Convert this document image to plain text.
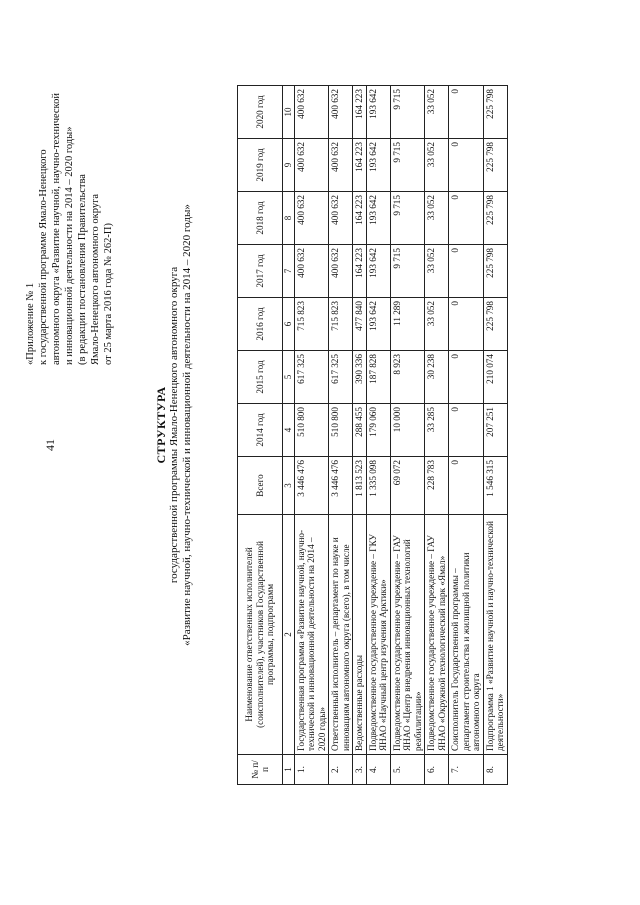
41
«Приложение № 1 к государственной программе Ямало-Ненецкого автономного округа «Развитие научной, научно-технической и инновационной деятельности на 2014 – 2020 годы» (в редакции постановления Правительства Ямало-Ненецкого автономного округа от 25 марта 2016 года № 262-П)
СТРУКТУРА государственной программы Ямало-Ненецкого автономного округа «Развитие научной, научно-технической и инновационной деятельности на 2014 – 2020 годы»
№ п/п	Наименование ответственных исполнителей (соисполнителей), участников Государственной программы, подпрограмм	Всего	2014 год	2015 год	2016 год	2017 год	2018 год	2019 год	2020 год
1	2	3	4	5	6	7	8	9	10
1.	Государственная программа «Развитие научной, научно-технической и инновационной деятельности на 2014 – 2020 годы»	3 446 476	510 800	617 325	715 823	400 632	400 632	400 632	400 632
2.	Ответственный исполнитель – департамент по науке и инновациям автономного округа (всего), в том числе	3 446 476	510 800	617 325	715 823	400 632	400 632	400 632	400 632
3.	Ведомственные расходы	1 813 523	288 455	390 336	477 840	164 223	164 223	164 223	164 223
4.	Подведомственное государственное учреждение – ГКУ ЯНАО «Научный центр изучения Арктики»	1 335 098	179 060	187 828	193 642	193 642	193 642	193 642	193 642
5.	Подведомственное государственное учреждение – ГАУ ЯНАО «Центр внедрения инновационных технологий реабилитации»	69 072	10 000	8 923	11 289	9 715	9 715	9 715	9 715
6.	Подведомственное государственное учреждение – ГАУ ЯНАО «Окружной технологический парк «Ямал»	228 783	33 285	30 238	33 052	33 052	33 052	33 052	33 052
7.	Соисполнитель Государственной программы – департамент строительства и жилищной политики автономного округа	0	0	0	0	0	0	0	0
8.	Подпрограмма 1 «Развитие научной и научно-технической деятельности»	1 546 315	207 251	210 074	225 798	225 798	225 798	225 798	225 798
